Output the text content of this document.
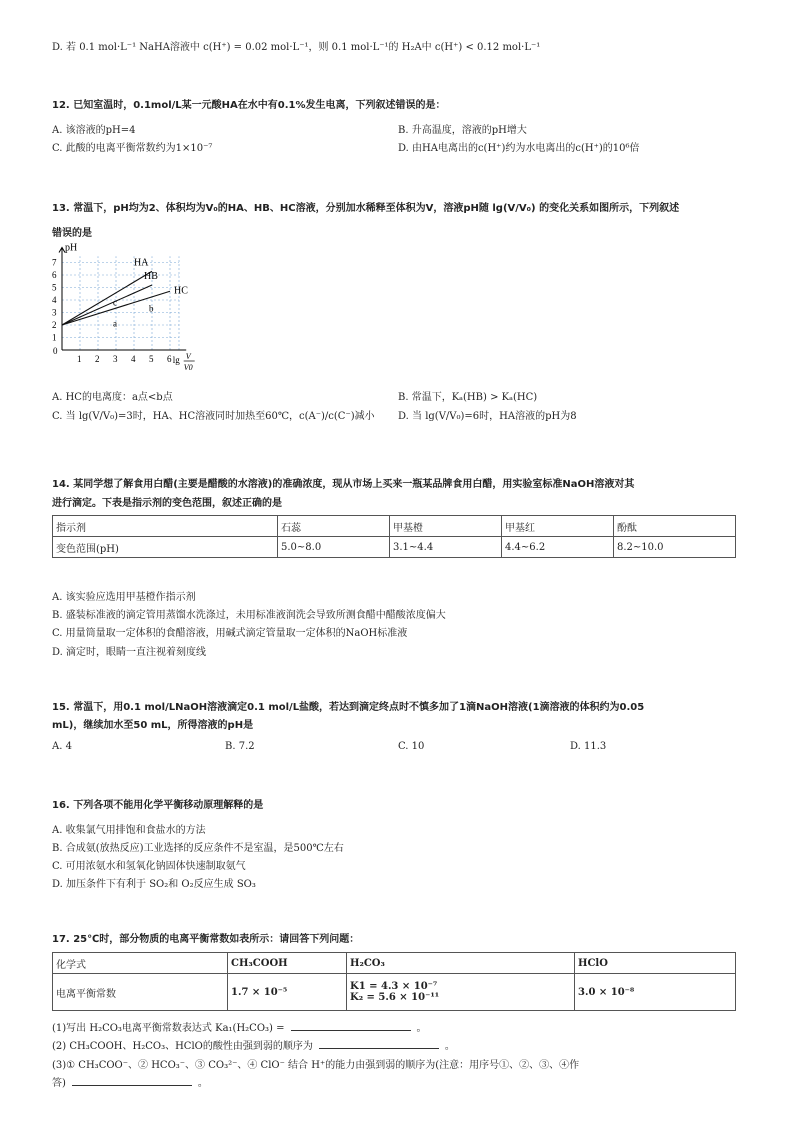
D. 若 0.1 mol·L⁻¹ NaHA溶液中 c(H⁺) = 0.02 mol·L⁻¹，则 0.1 mol·L⁻¹的 H₂A中 c(H⁺) < 0.12 mol·L⁻¹
12. 已知室温时，0.1mol/L某一元酸HA在水中有0.1%发生电离，下列叙述错误的是：
A. 该溶液的pH=4	B. 升高温度，溶液的pH增大
C. 此酸的电离平衡常数约为1×10⁻⁷	D. 由HA电离出的c(H⁺)约为水电离出的c(H⁺)的10⁶倍
13. 常温下，pH均为2、体积均为V₀的HA、HB、HC溶液，分别加水稀释至体积为V，溶液pH随 lg(V/V₀) 的变化关系如图所示，下列叙述
错误的是
pH
1
2
3
4
5
6
7
0
1 2 3 4 5 6 lg V
V0
HA
HB
HC
a
b
c
A. HC的电离度：a点<b点	B. 常温下，Kₐ(HB) > Kₐ(HC)
C. 当 lg(V/V₀)=3时，HA、HC溶液同时加热至60℃，c(A⁻)/c(C⁻)减小 D. 当 lg(V/V₀)=6时，HA溶液的pH为8
14. 某同学想了解食用白醋(主要是醋酸的水溶液)的准确浓度，现从市场上买来一瓶某品牌食用白醋，用实验室标准NaOH溶液对其
进行滴定。下表是指示剂的变色范围，叙述正确的是
指示剂	石蕊	甲基橙	甲基红	酚酞
变色范围(pH)	5.0~8.0	3.1~4.4	4.4~6.2	8.2~10.0
A. 该实验应选用甲基橙作指示剂
B. 盛装标准液的滴定管用蒸馏水洗涤过，未用标准液润洗会导致所测食醋中醋酸浓度偏大
C. 用量筒量取一定体积的食醋溶液，用碱式滴定管量取一定体积的NaOH标准液
D. 滴定时，眼睛一直注视着刻度线
15. 常温下，用0.1 mol/LNaOH溶液滴定0.1 mol/L盐酸，若达到滴定终点时不慎多加了1滴NaOH溶液(1滴溶液的体积约为0.05
mL)，继续加水至50 mL，所得溶液的pH是
A. 4	B. 7.2	C. 10	D. 11.3
16. 下列各项不能用化学平衡移动原理解释的是
A. 收集氯气用排饱和食盐水的方法
B. 合成氨(放热反应)工业选择的反应条件不是室温，是500℃左右
C. 可用浓氨水和氢氧化钠固体快速制取氨气
D. 加压条件下有利于 SO₂和 O₂反应生成 SO₃
17. 25℃时，部分物质的电离平衡常数如表所示：请回答下列问题：
化学式	CH₃COOH	H₂CO₃	HClO
电离平衡常数	1.7 × 10⁻⁵	K1 = 4.3 × 10⁻⁷
K₂ = 5.6 × 10⁻¹¹	3.0 × 10⁻⁸
(1)写出 H₂CO₃电离平衡常数表达式 Ka₁(H₂CO₃) =	。
(2) CH₃COOH、H₂CO₃、HClO的酸性由强到弱的顺序为	。
(3)① CH₃COO⁻、② HCO₃⁻、③ CO₃²⁻、④ ClO⁻ 结合 H⁺的能力由强到弱的顺序为(注意：用序号①、②、③、④作
答)	。
